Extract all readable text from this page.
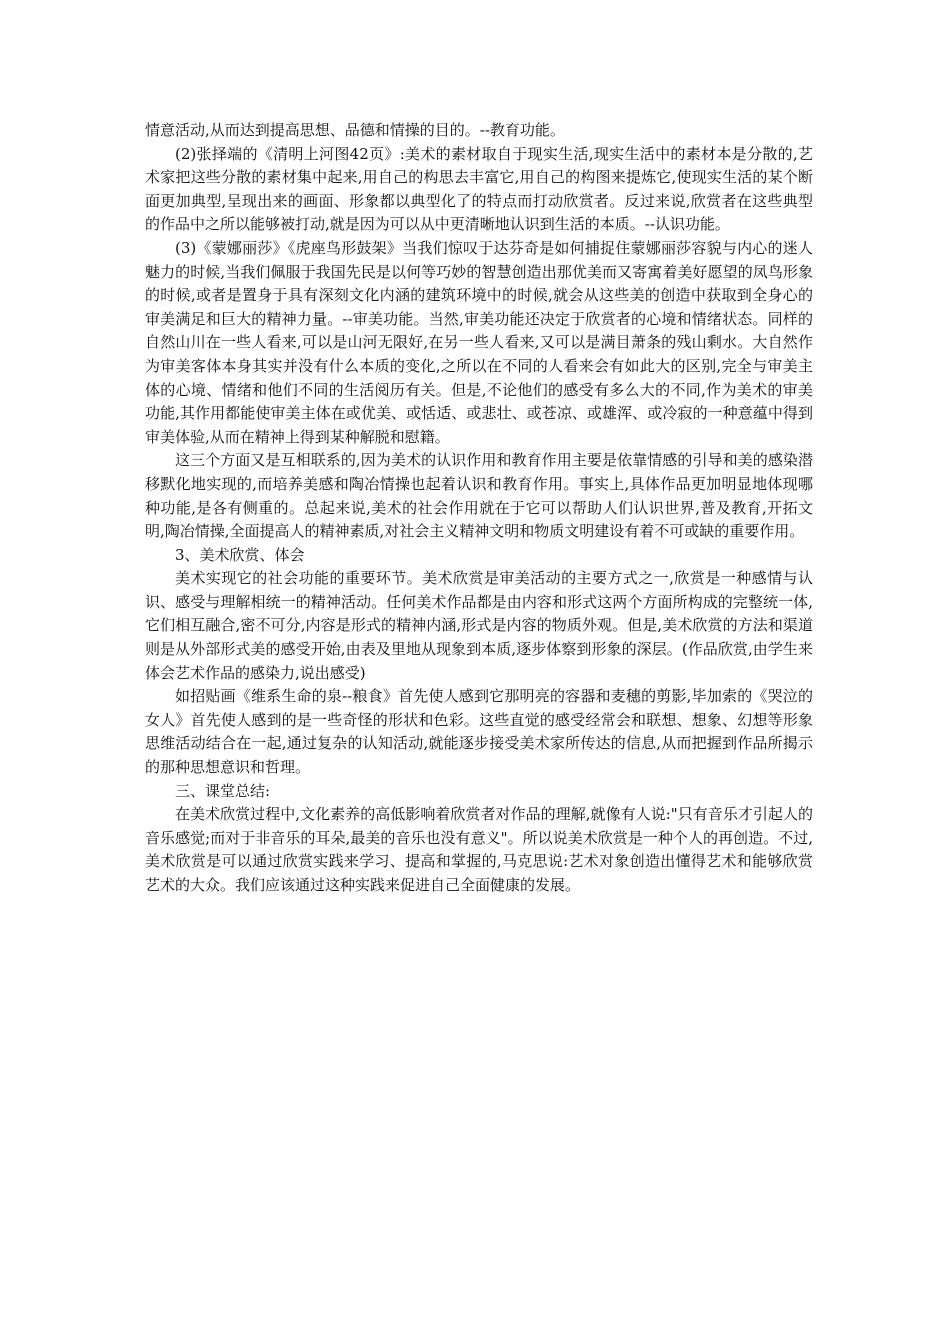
情意活动,从而达到提高思想、品德和情操的目的。--教育功能。

(2)张择端的《清明上河图42页》:美术的素材取自于现实生活,现实生活中的素材本是分散的,艺术家把这些分散的素材集中起来,用自己的构思去丰富它,用自己的构图来提炼它,使现实生活的某个断面更加典型,呈现出来的画面、形象都以典型化了的特点而打动欣赏者。反过来说,欣赏者在这些典型的作品中之所以能够被打动,就是因为可以从中更清晰地认识到生活的本质。--认识功能。

(3)《蒙娜丽莎》《虎座鸟形鼓架》当我们惊叹于达芬奇是如何捕捉住蒙娜丽莎容貌与内心的迷人魅力的时候,当我们佩服于我国先民是以何等巧妙的智慧创造出那优美而又寄寓着美好愿望的凤鸟形象的时候,或者是置身于具有深刻文化内涵的建筑环境中的时候,就会从这些美的创造中获取到全身心的审美满足和巨大的精神力量。--审美功能。当然,审美功能还决定于欣赏者的心境和情绪状态。同样的自然山川在一些人看来,可以是山河无限好,在另一些人看来,又可以是满目萧条的残山剩水。大自然作为审美客体本身其实并没有什么本质的变化,之所以在不同的人看来会有如此大的区别,完全与审美主体的心境、情绪和他们不同的生活阅历有关。但是,不论他们的感受有多么大的不同,作为美术的审美功能,其作用都能使审美主体在或优美、或恬适、或悲壮、或苍凉、或雄浑、或冷寂的一种意蕴中得到审美体验,从而在精神上得到某种解脱和慰籍。

这三个方面又是互相联系的,因为美术的认识作用和教育作用主要是依靠情感的引导和美的感染潜移默化地实现的,而培养美感和陶冶情操也起着认识和教育作用。事实上,具体作品更加明显地体现哪种功能,是各有侧重的。总起来说,美术的社会作用就在于它可以帮助人们认识世界,普及教育,开拓文明,陶冶情操,全面提高人的精神素质,对社会主义精神文明和物质文明建设有着不可或缺的重要作用。

3、美术欣赏、体会

美术实现它的社会功能的重要环节。美术欣赏是审美活动的主要方式之一,欣赏是一种感情与认识、感受与理解相统一的精神活动。任何美术作品都是由内容和形式这两个方面所构成的完整统一体,它们相互融合,密不可分,内容是形式的精神内涵,形式是内容的物质外观。但是,美术欣赏的方法和渠道则是从外部形式美的感受开始,由表及里地从现象到本质,逐步体察到形象的深层。(作品欣赏,由学生来体会艺术作品的感染力,说出感受)

如招贴画《维系生命的泉--粮食》首先使人感到它那明亮的容器和麦穗的剪影,毕加索的《哭泣的女人》首先使人感到的是一些奇怪的形状和色彩。这些直觉的感受经常会和联想、想象、幻想等形象思维活动结合在一起,通过复杂的认知活动,就能逐步接受美术家所传达的信息,从而把握到作品所揭示的那种思想意识和哲理。

三、课堂总结:

在美术欣赏过程中,文化素养的高低影响着欣赏者对作品的理解,就像有人说:"只有音乐才引起人的音乐感觉;而对于非音乐的耳朵,最美的音乐也没有意义"。所以说美术欣赏是一种个人的再创造。不过,美术欣赏是可以通过欣赏实践来学习、提高和掌握的,马克思说:艺术对象创造出懂得艺术和能够欣赏艺术的大众。我们应该通过这种实践来促进自己全面健康的发展。
